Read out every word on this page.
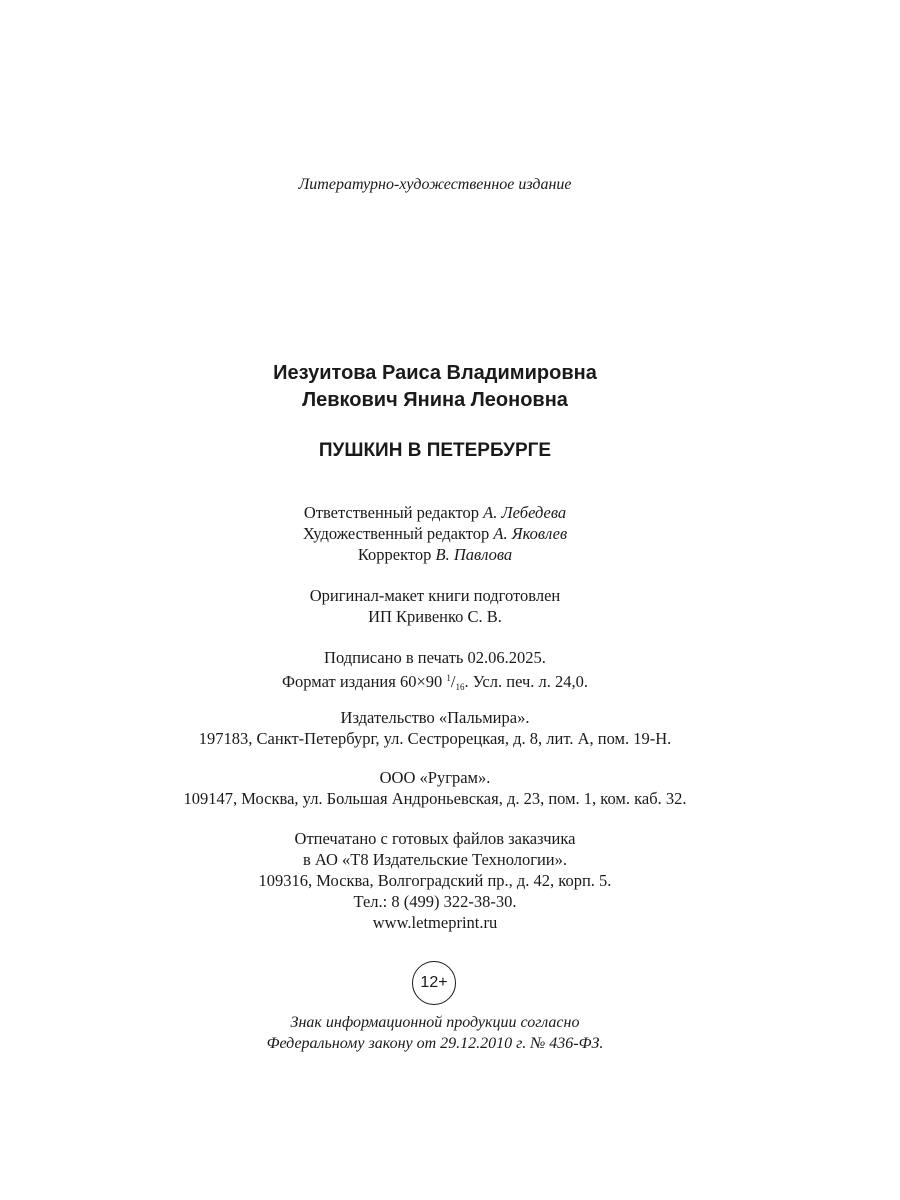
Литературно-художественное издание
Иезуитова Раиса Владимировна
Левкович Янина Леоновна
ПУШКИН В ПЕТЕРБУРГЕ
Ответственный редактор А. Лебедева
Художественный редактор А. Яковлев
Корректор В. Павлова
Оригинал-макет книги подготовлен
ИП Кривенко С. В.
Подписано в печать 02.06.2025.
Формат издания 60×90 $^1/_{16}$. Усл. печ. л. 24,0.
Издательство «Пальмира».
197183, Санкт-Петербург, ул. Сестрорецкая, д. 8, лит. А, пом. 19-Н.
ООО «Руграм».
109147, Москва, ул. Большая Андроньевская, д. 23, пом. 1, ком. каб. 32.
Отпечатано с готовых файлов заказчика
в АО «Т8 Издательские Технологии».
109316, Москва, Волгоградский пр., д. 42, корп. 5.
Тел.: 8 (499) 322-38-30.
www.letmeprint.ru
12+
Знак информационной продукции согласно
Федеральному закону от 29.12.2010 г. № 436-ФЗ.
